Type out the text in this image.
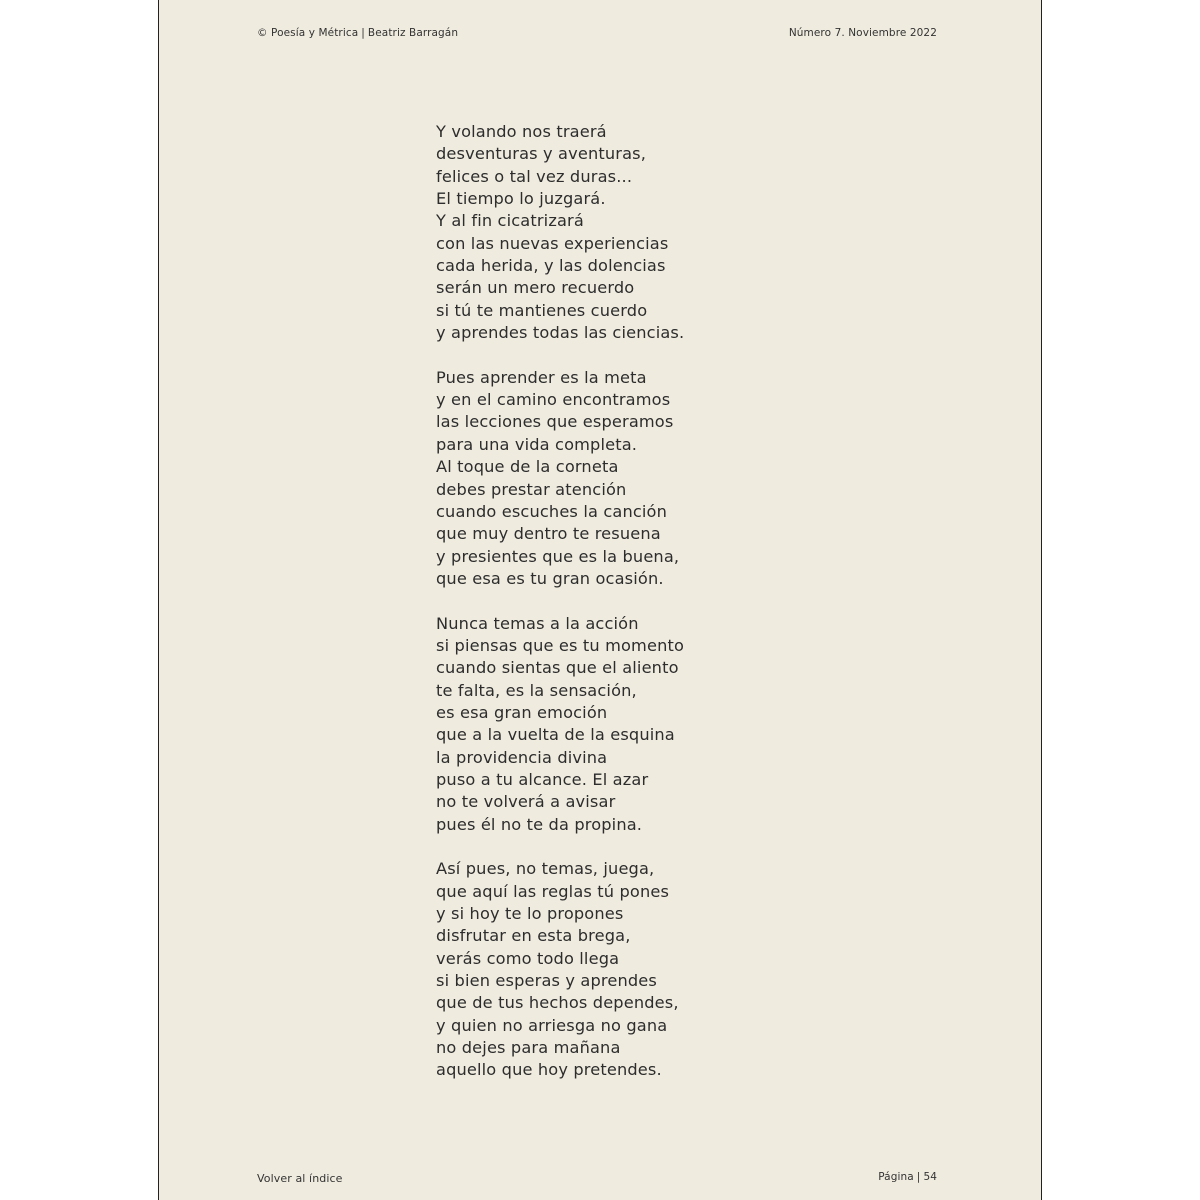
© Poesía y Métrica | Beatriz Barragán	Número 7. Noviembre 2022
Y volando nos traerá
desventuras y aventuras,
felices o tal vez duras...
El tiempo lo juzgará.
Y al fin cicatrizará
con las nuevas experiencias
cada herida, y las dolencias
serán un mero recuerdo
si tú te mantienes cuerdo
y aprendes todas las ciencias.
Pues aprender es la meta
y en el camino encontramos
las lecciones que esperamos
para una vida completa.
Al toque de la corneta
debes prestar atención
cuando escuches la canción
que muy dentro te resuena
y presientes que es la buena,
que esa es tu gran ocasión.
Nunca temas a la acción
si piensas que es tu momento
cuando sientas que el aliento
te falta, es la sensación,
es esa gran emoción
que a la vuelta de la esquina
la providencia divina
puso a tu alcance. El azar
no te volverá a avisar
pues él no te da propina.
Así pues, no temas, juega,
que aquí las reglas tú pones
y si hoy te lo propones
disfrutar en esta brega,
verás como todo llega
si bien esperas y aprendes
que de tus hechos dependes,
y quien no arriesga no gana
no dejes para mañana
aquello que hoy pretendes.
Volver al índice	Página | 54
